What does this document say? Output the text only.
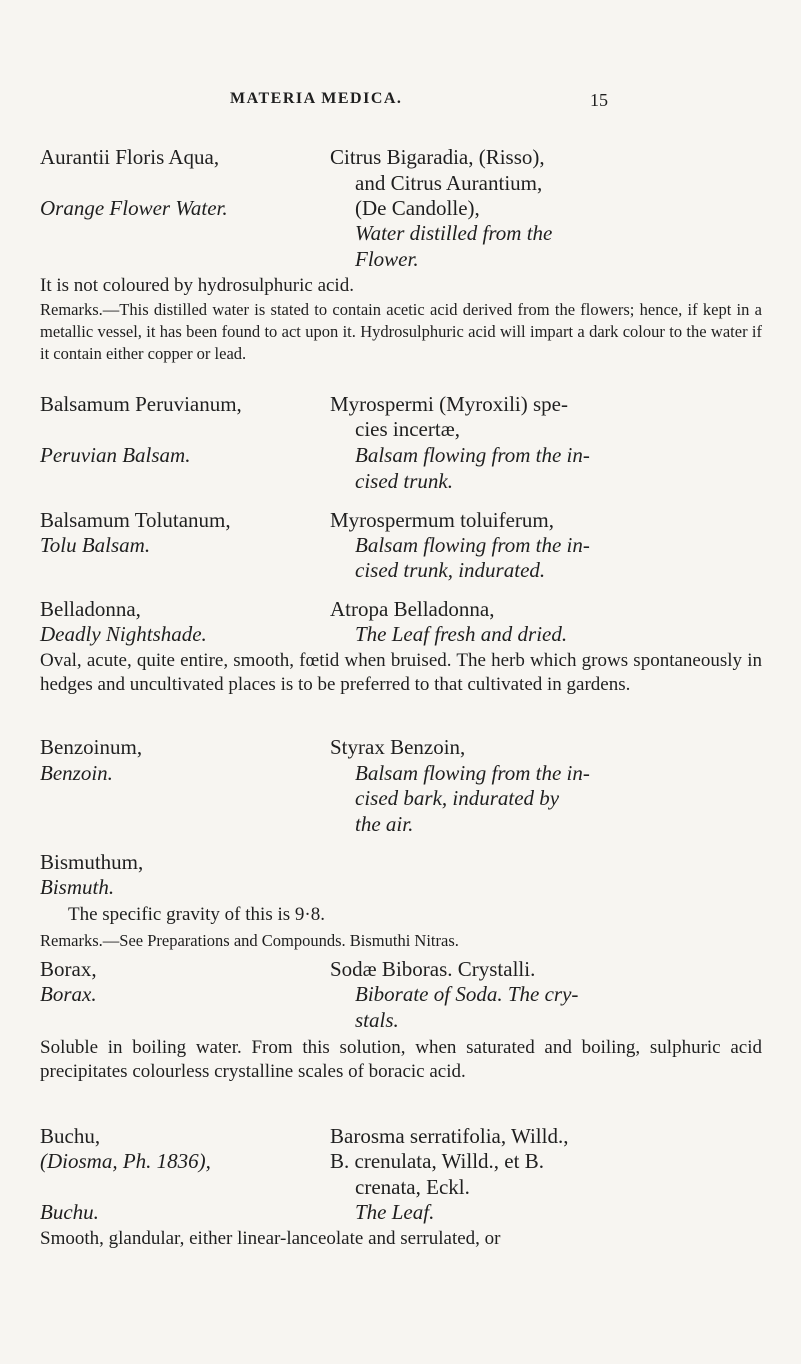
MATERIA MEDICA.	15
Aurantii Floris Aqua,
Orange Flower Water.
Citrus Bigaradia, (Risso),
and Citrus Aurantium,
(De Candolle),
Water distilled from the
Flower.
It is not coloured by hydrosulphuric acid.
Remarks.—This distilled water is stated to contain acetic acid derived from the flowers; hence, if kept in a metallic vessel, it has been found to act upon it. Hydrosulphuric acid will impart a dark colour to the water if it contain either copper or lead.
Balsamum Peruvianum,
Peruvian Balsam.
Myrospermi (Myroxili) spe-
cies incertæ,
Balsam flowing from the in-
cised trunk.
Balsamum Tolutanum,
Tolu Balsam.
Myrospermum toluiferum,
Balsam flowing from the in-
cised trunk, indurated.
Belladonna,
Deadly Nightshade.
Atropa Belladonna,
The Leaf fresh and dried.
Oval, acute, quite entire, smooth, fœtid when bruised. The herb which grows spontaneously in hedges and uncultivated places is to be preferred to that cultivated in gardens.
Benzoinum,
Benzoin.
Styrax Benzoin,
Balsam flowing from the in-
cised bark, indurated by
the air.
Bismuthum,
Bismuth.
The specific gravity of this is 9·8.
Remarks.—See Preparations and Compounds. Bismuthi Nitras.
Borax,
Borax.
Sodæ Biboras. Crystalli.
Biborate of Soda. The cry-
stals.
Soluble in boiling water. From this solution, when saturated and boiling, sulphuric acid precipitates colourless crystalline scales of boracic acid.
Buchu,
(Diosma, Ph. 1836),
Buchu.
Barosma serratifolia, Willd.,
B. crenulata, Willd., et B.
crenata, Eckl.
The Leaf.
Smooth, glandular, either linear-lanceolate and serrulated, or
